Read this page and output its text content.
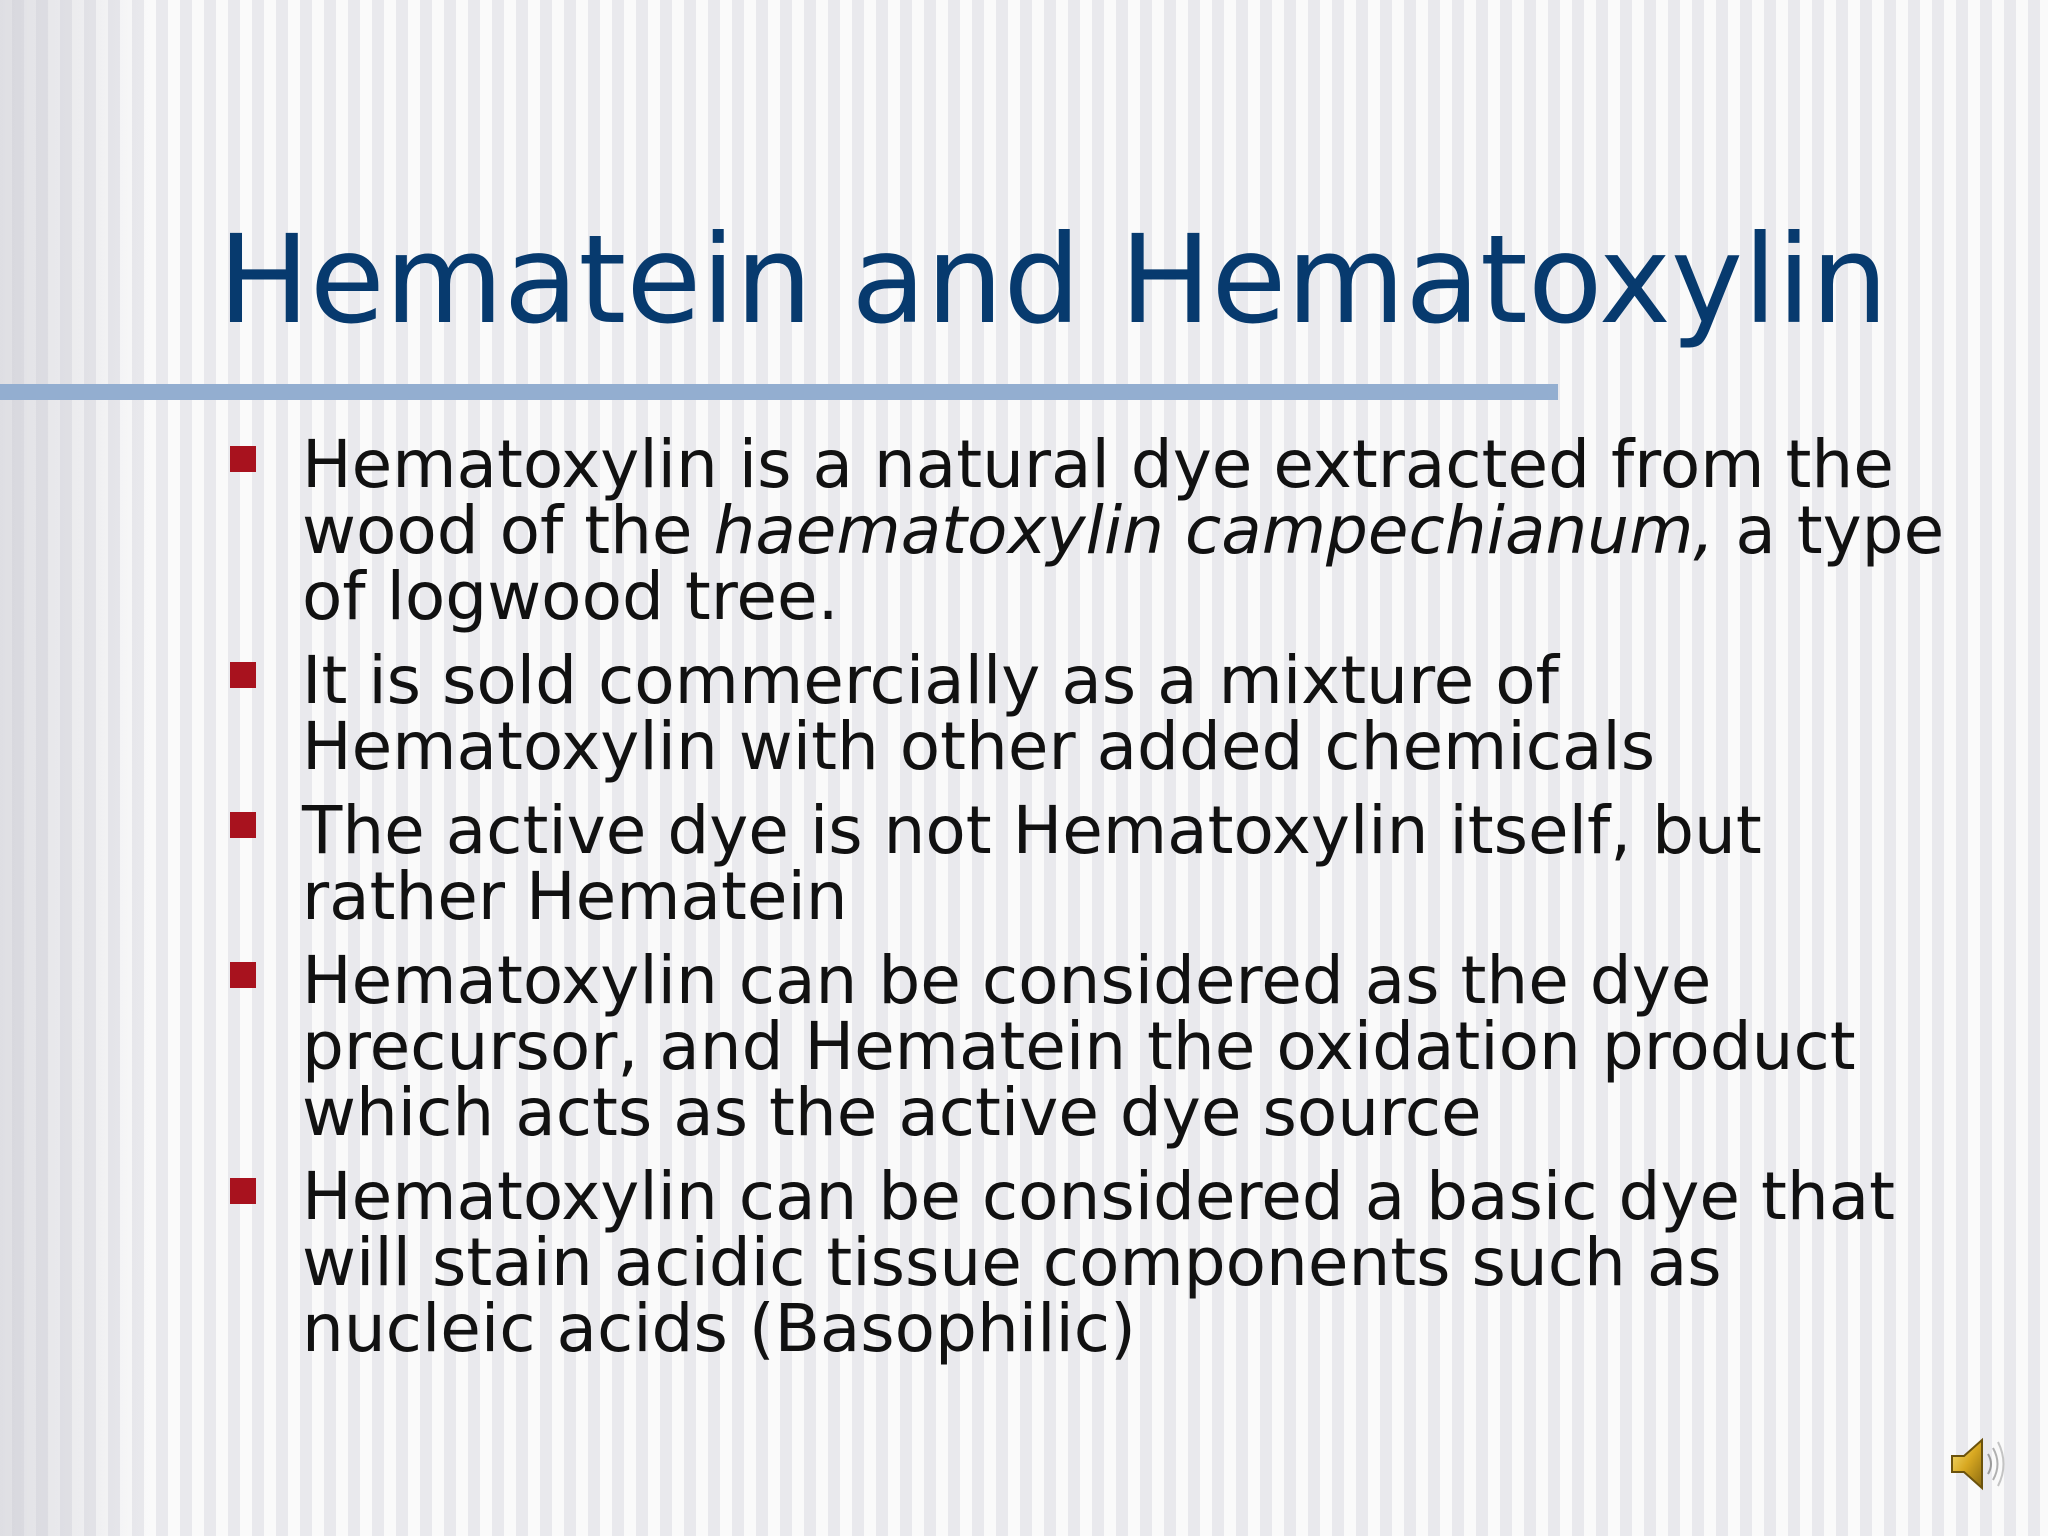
Hematein and Hematoxylin
Hematoxylin is a natural dye extracted from the
wood of the haematoxylin campechianum, a type
of logwood tree.
It is sold commercially as a mixture of
Hematoxylin with other added chemicals
The active dye is not Hematoxylin itself, but
rather Hematein
Hematoxylin can be considered as the dye
precursor, and Hematein the oxidation product
which acts as the active dye source
Hematoxylin can be considered a basic dye that
will stain acidic tissue components such as
nucleic acids (Basophilic)
